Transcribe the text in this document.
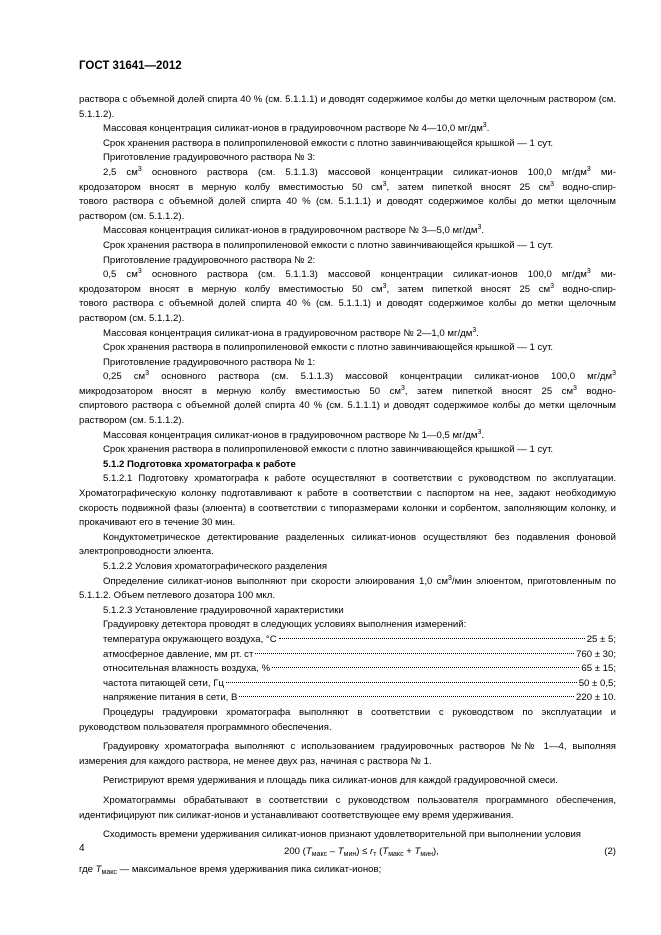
ГОСТ 31641—2012

раствора с объемной долей спирта 40 % (см. 5.1.1.1) и доводят содержимое колбы до метки щелочным раствором (см. 5.1.1.2).

Массовая концентрация силикат-ионов в градуировочном растворе № 4—10,0 $мг/дм^3$.

Срок хранения раствора в полипропиленовой емкости с плотно завинчивающейся крышкой — 1 сут.

Приготовление градуировочного раствора № 3:

2,5 $см^3$ основного раствора (см. 5.1.1.3) массовой концентрации силикат-ионов 100,0 $мг/дм^3$ ми-

кродозатором вносят в мерную колбу вместимостью 50 $см^3$, затем пипеткой вносят 25 $см^3$ водно-спир-

тового раствора с объемной долей спирта 40 % (см. 5.1.1.1) и доводят содержимое колбы до метки щелочным раствором (см. 5.1.1.2).

Массовая концентрация силикат-ионов в градуировочном растворе № 3—5,0 $мг/дм^3$.

Срок хранения раствора в полипропиленовой емкости с плотно завинчивающейся крышкой — 1 сут.

Приготовление градуировочного раствора № 2:

0,5 $см^3$ основного раствора (см. 5.1.1.3) массовой концентрации силикат-ионов 100,0 $мг/дм^3$ ми-

кродозатором вносят в мерную колбу вместимостью 50 $см^3$, затем пипеткой вносят 25 $см^3$ водно-спир-

тового раствора с объемной долей спирта 40 % (см. 5.1.1.1) и доводят содержимое колбы до метки щелочным раствором (см. 5.1.1.2).

Массовая концентрация силикат-иона в градуировочном растворе № 2—1,0 $мг/дм^3$.

Срок хранения раствора в полипропиленовой емкости с плотно завинчивающейся крышкой — 1 сут.

Приготовление градуировочного раствора № 1:

0,25 $см^3$ основного раствора (см. 5.1.1.3) массовой концентрации силикат-ионов 100,0 $мг/дм^3$

микродозатором вносят в мерную колбу вместимостью 50 $см^3$, затем пипеткой вносят 25 $см^3$ водно-

спиртового раствора с объемной долей спирта 40 % (см. 5.1.1.1) и доводят содержимое колбы до метки щелочным раствором (см. 5.1.1.2).

Массовая концентрация силикат-ионов в градуировочном растворе № 1—0,5 $мг/дм^3$.

Срок хранения раствора в полипропиленовой емкости с плотно завинчивающейся крышкой — 1 сут.

5.1.2 Подготовка хроматографа к работе

5.1.2.1 Подготовку хроматографа к работе осуществляют в соответствии с руководством по эксплуатации. Хроматографическую колонку подготавливают к работе в соответствии с паспортом на нее, задают необходимую скорость подвижной фазы (элюента) в соответствии с типоразмерами колонки и сорбентом, заполняющим колонку, и прокачивают его в течение 30 мин.

Кондуктометрическое детектирование разделенных силикат-ионов осуществляют без подавления фоновой электропроводности элюента.

5.1.2.2 Условия хроматографического разделения

Определение силикат-ионов выполняют при скорости элюирования 1,0 $см^3$/мин элюентом, приготовленным по 5.1.1.2. Объем петлевого дозатора 100 мкл.

5.1.2.3 Установление градуировочной характеристики

Градуировку детектора проводят в следующих условиях выполнения измерений:

температура окружающего воздуха, °С	25 ± 5;
атмосферное давление, мм рт. ст	760 ± 30;
относительная влажность воздуха, %	65 ± 15;
частота питающей сети, Гц	50 ± 0,5;
напряжение питания в сети, В	220 ± 10.

Процедуры градуировки хроматографа выполняют в соответствии с руководством по эксплуатации и руководством пользователя программного обеспечения.

Градуировку хроматографа выполняют с использованием градуировочных растворов №№ 1—4, выполняя измерения для каждого раствора, не менее двух раз, начиная с раствора № 1.

Регистрируют время удерживания и площадь пика силикат-ионов для каждой градуировочной смеси.

Хроматограммы обрабатывают в соответствии с руководством пользователя программного обеспечения, идентифицируют пик силикат-ионов и устанавливают соответствующее ему время удерживания.

Сходимость времени удерживания силикат-ионов признают удовлетворительной при выполнении условия

200 $(T_{макс} - T_{мин}) \le r_т$ $(T_{макс} + T_{мин})$,	(2)

где $T_{макс}$ — максимальное время удерживания пика силикат-ионов;

4
